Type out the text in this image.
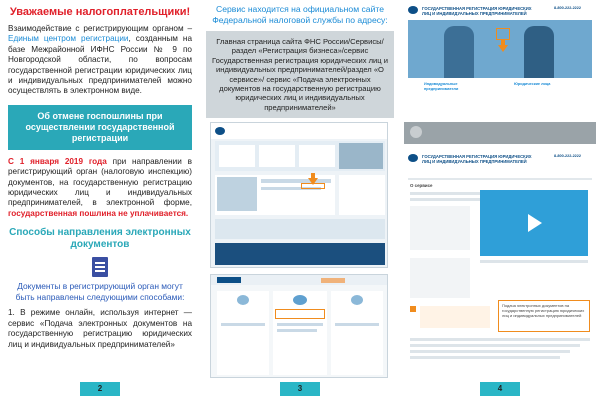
Уважаемые налогоплательщики!
Взаимодействие с регистрирующим органом – Единым центром регистрации, созданным на базе Межрайонной ИФНС России № 9 по Новгородской области, по вопросам государственной регистрации юридических лиц и индивидуальных предпринимателей можно осуществлять в электронном виде.
Об отмене госпошлины при осуществлении государственной регистрации
С 1 января 2019 года при направлении в регистрирующий орган (налоговую инспекцию) документов, на государственную регистрацию юридических лиц и индивидуальных предпринимателей, в электронной форме, государственная пошлина не уплачивается.
Способы направления электронных документов
Документы в регистрирующий орган могут быть направлены следующими способами:
1. В режиме онлайн, используя интернет — сервис «Подача электронных документов на государственную регистрацию юридических лиц и индивидуальных предпринимателей»
2
Сервис находится на официальном сайте Федеральной налоговой службы по адресу:
Главная страница сайта ФНС России/Сервисы/ раздел «Регистрация бизнеса»/сервис Государственная регистрация юридических лиц и индивидуальных предпринимателей/раздел «О сервисе»/ сервис «Подача электронных документов на государственную регистрацию юридических лиц и индивидуальных предпринимателей»
3
ГОСУДАРСТВЕННАЯ РЕГИСТРАЦИЯ ЮРИДИЧЕСКИХ ЛИЦ И ИНДИВИДУАЛЬНЫХ ПРЕДПРИНИМАТЕЛЕЙ
8-800-222-2222
Индивидуальные предприниматели
Юридические лица
ГОСУДАРСТВЕННАЯ РЕГИСТРАЦИЯ ЮРИДИЧЕСКИХ ЛИЦ И ИНДИВИДУАЛЬНЫХ ПРЕДПРИНИМАТЕЛЕЙ
8-800-222-2222
О сервисе
Подача электронных документов на государственную регистрацию юридических лиц и индивидуальных предпринимателей
4
